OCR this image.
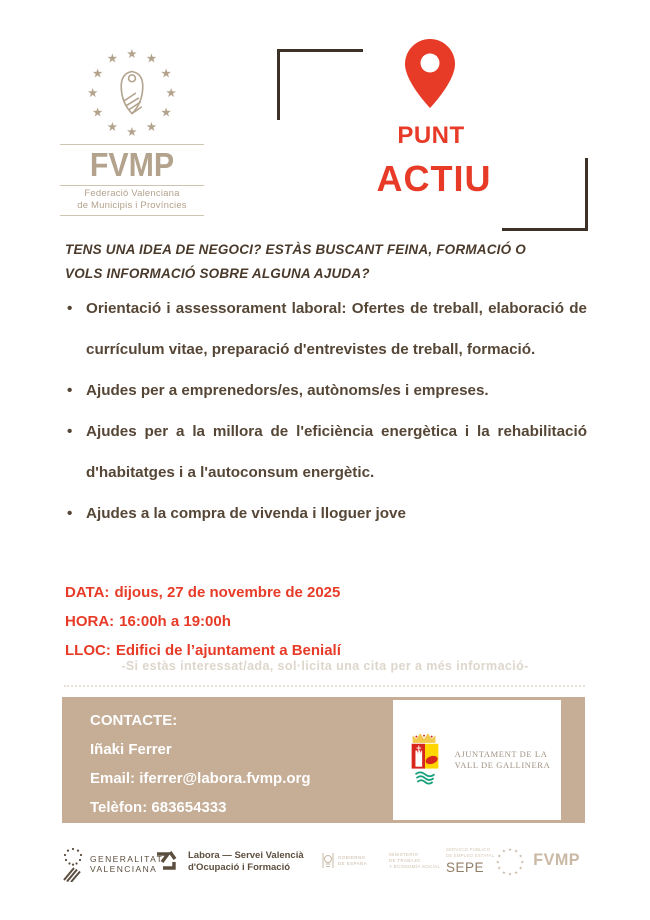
★ ★
★
★
★
★
★
★
★
★
★
★
FVMP
Federació Valenciana
de Municipis i Províncies
PUNT
ACTIU
TENS UNA IDEA DE NEGOCI? ESTÀS BUSCANT FEINA, FORMACIÓ O VOLS INFORMACIÓ SOBRE ALGUNA AJUDA?
• Orientació i assessorament laboral: Ofertes de treball, elaboració de currículum vitae, preparació d'entrevistes de treball, formació.
• Ajudes per a emprenedors/es, autònoms/es i empreses.
• Ajudes per a la millora de l'eficiència energètica i la rehabilitació d'habitatges i a l'autoconsum energètic.
• Ajudes a la compra de vivenda i lloguer jove
DATA: dijous, 27 de novembre de 2025
HORA: 16:00h a 19:00h
LLOC: Edifici de l’ajuntament a Benialí
-Si estàs interessat/ada, sol·licita una cita per a més informació-
CONTACTE:
Iñaki Ferrer
Email: iferrer@labora.fvmp.org
Telèfon: 683654333
AJUNTAMENT DE LA
VALL DE GALLINERA
GENERALITAT
VALENCIANA
Labora — Servei Valencià
d'Ocupació i Formació
GOBIERNO
DE ESPAÑA
MINISTERIO
DE TRABAJO
Y ECONOMÍA SOCIAL
SERVICIO PÚBLICO
DE EMPLEO ESTATAL
SEPE
★ ★
★
★
★
★
★
★
★
★
★
★ FVMP
